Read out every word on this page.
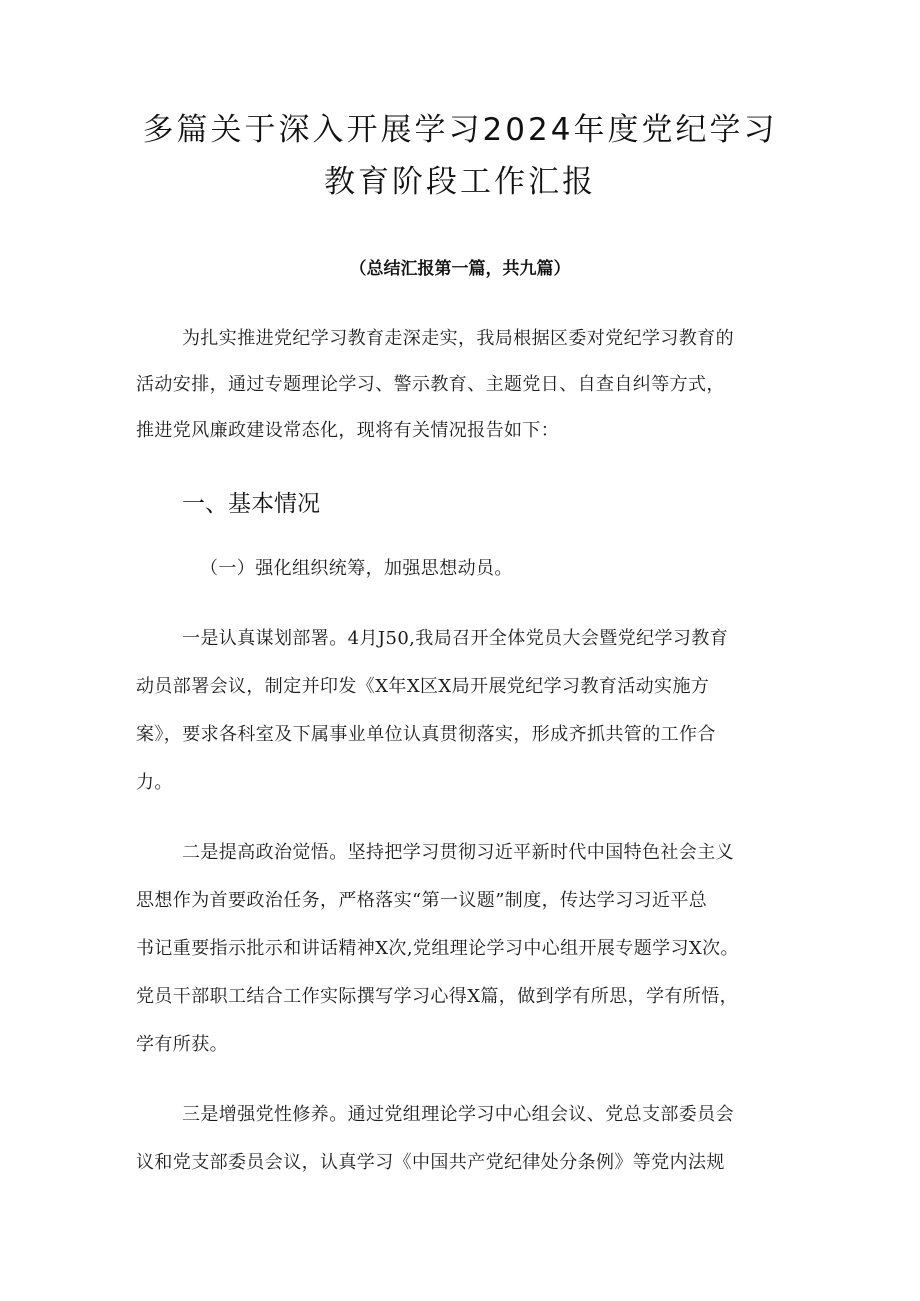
多篇关于深入开展学习2024年度党纪学习
教育阶段工作汇报
（总结汇报第一篇，共九篇）
为扎实推进党纪学习教育走深走实，我局根据区委对党纪学习教育的
活动安排，通过专题理论学习、警示教育、主题党日、自查自纠等方式，
推进党风廉政建设常态化，现将有关情况报告如下：
一、基本情况
（一）强化组织统筹，加强思想动员。
一是认真谋划部署。4月J50,我局召开全体党员大会暨党纪学习教育
动员部署会议，制定并印发《X年X区X局开展党纪学习教育活动实施方
案》，要求各科室及下属事业单位认真贯彻落实，形成齐抓共管的工作合
力。
二是提高政治觉悟。坚持把学习贯彻习近平新时代中国特色社会主义
思想作为首要政治任务，严格落实“第一议题”制度，传达学习习近平总
书记重要指示批示和讲话精神X次,党组理论学习中心组开展专题学习X次。
党员干部职工结合工作实际撰写学习心得X篇，做到学有所思，学有所悟，
学有所获。
三是增强党性修养。通过党组理论学习中心组会议、党总支部委员会
议和党支部委员会议，认真学习《中国共产党纪律处分条例》等党内法规
